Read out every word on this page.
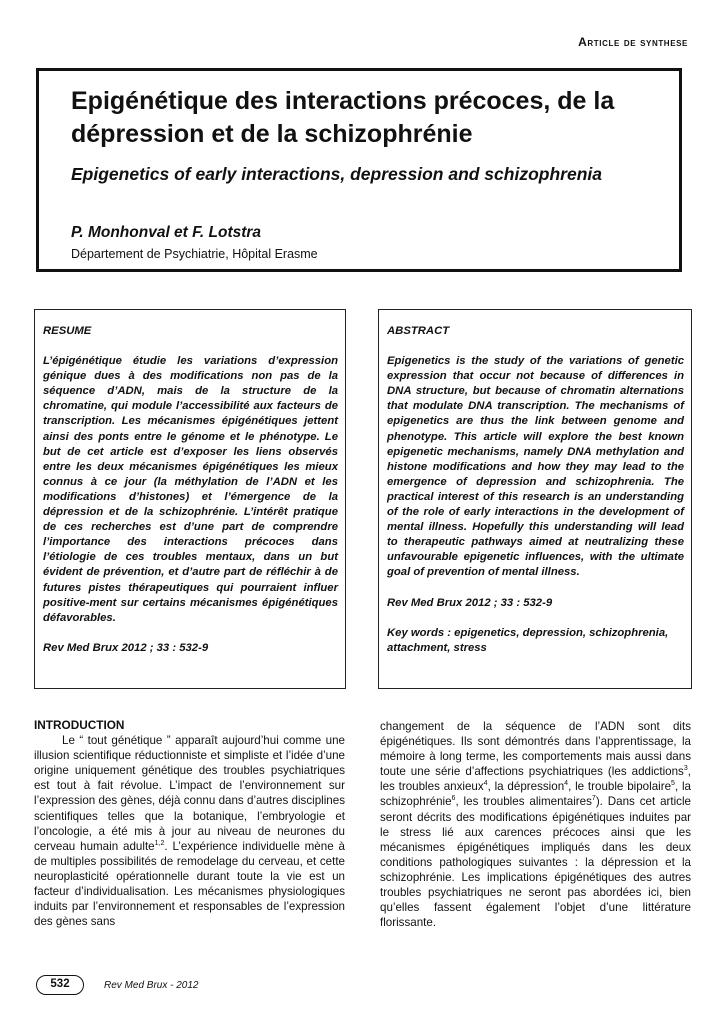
Article de synthese
Epigénétique des interactions précoces, de la dépression et de la schizophrénie
Epigenetics of early interactions, depression and schizophrenia
P. Monhonval et F. Lotstra
Département de Psychiatrie, Hôpital Erasme

RESUME

L’épigénétique étudie les variations d’expression génique dues à des modifications non pas de la séquence d’ADN, mais de la structure de la chromatine, qui module l’accessibilité aux facteurs de transcription. Les mécanismes épigénétiques jettent ainsi des ponts entre le génome et le phénotype. Le but de cet article est d’exposer les liens observés entre les deux mécanismes épigénétiques les mieux connus à ce jour (la méthylation de l’ADN et les modifications d’histones) et l’émergence de la dépression et de la schizophrénie. L’intérêt pratique de ces recherches est d’une part de comprendre l’importance des interactions précoces dans l’étiologie de ces troubles mentaux, dans un but évident de prévention, et d’autre part de réfléchir à de futures pistes thérapeutiques qui pourraient influer positive-ment sur certains mécanismes épigénétiques défavorables.

Rev Med Brux 2012 ; 33 : 532-9

ABSTRACT

Epigenetics is the study of the variations of genetic expression that occur not because of differences in DNA structure, but because of chromatin alternations that modulate DNA transcription. The mechanisms of epigenetics are thus the link between genome and phenotype. This article will explore the best known epigenetic mechanisms, namely DNA methylation and histone modifications and how they may lead to the emergence of depression and schizophrenia. The practical interest of this research is an understanding of the role of early interactions in the development of mental illness. Hopefully this understanding will lead to therapeutic pathways aimed at neutralizing these unfavourable epigenetic influences, with the ultimate goal of prevention of mental illness.

Rev Med Brux 2012 ; 33 : 532-9

Key words : epigenetics, depression, schizophrenia, attachment, stress

INTRODUCTION

Le “ tout génétique ” apparaît aujourd’hui comme une illusion scientifique réductionniste et simpliste et l’idée d’une origine uniquement génétique des troubles psychiatriques est tout à fait révolue. L’impact de l’environnement sur l’expression des gènes, déjà connu dans d’autres disciplines scientifiques telles que la botanique, l’embryologie et l’oncologie, a été mis à jour au niveau de neurones du cerveau humain adulte$^{1,2}$. L’expérience individuelle mène à de multiples possibilités de remodelage du cerveau, et cette neuroplasticité opérationnelle durant toute la vie est un facteur d’individualisation. Les mécanismes physiologiques induits par l’environnement et responsables de l’expression des gènes sans

changement de la séquence de l’ADN sont dits épigénétiques. Ils sont démontrés dans l’apprentissage, la mémoire à long terme, les comportements mais aussi dans toute une série d’affections psychiatriques (les addictions$^3$, les troubles anxieux$^4$, la dépression$^4$, le trouble bipolaire$^5$, la schizophrénie$^6$, les troubles alimentaires$^7$). Dans cet article seront décrits des modifications épigénétiques induites par le stress lié aux carences précoces ainsi que les mécanismes épigénétiques impliqués dans les deux conditions pathologiques suivantes : la dépression et la schizophrénie. Les implications épigénétiques des autres troubles psychiatriques ne seront pas abordées ici, bien qu’elles fassent également l’objet d’une littérature florissante.

532	Rev Med Brux - 2012
